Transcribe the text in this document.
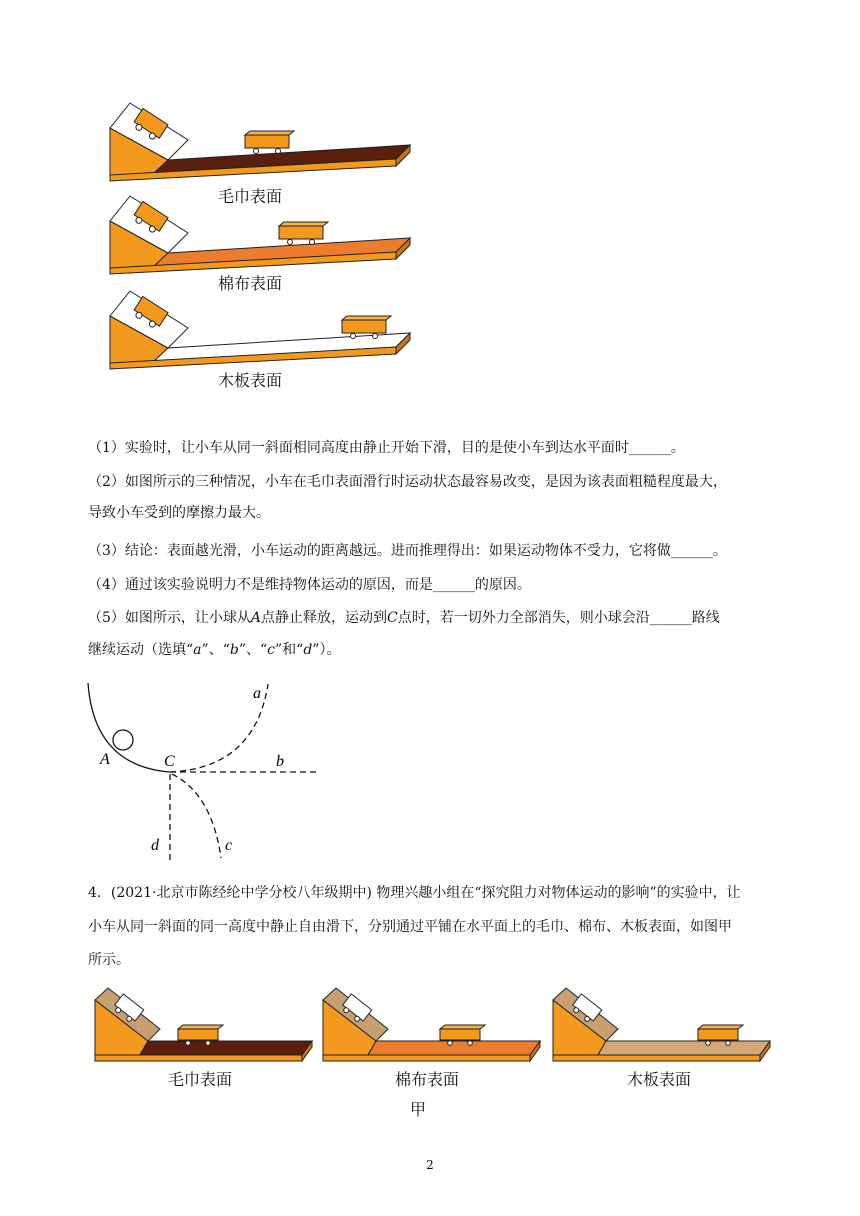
毛巾表面
棉布表面
木板表面
（1）实验时，让小车从同一斜面相同高度由静止开始下滑，目的是使小车到达水平面时______。
（2）如图所示的三种情况，小车在毛巾表面滑行时运动状态最容易改变，是因为该表面粗糙程度最大，
导致小车受到的摩擦力最大。
（3）结论：表面越光滑，小车运动的距离越远。进而推理得出：如果运动物体不受力，它将做______。
（4）通过该实验说明力不是维持物体运动的原因，而是______的原因。
（5）如图所示，让小球从A点静止释放，运动到C点时，若一切外力全部消失，则小球会沿______路线
继续运动（选填“a”、“b”、“c”和“d”）。
A	C
a
b
c
d
4．(2021·北京市陈经纶中学分校八年级期中) 物理兴趣小组在“探究阻力对物体运动的影响”的实验中，让
小车从同一斜面的同一高度中静止自由滑下，分别通过平铺在水平面上的毛巾、棉布、木板表面，如图甲
所示。
毛巾表面	棉布表面	木板表面
甲
2
